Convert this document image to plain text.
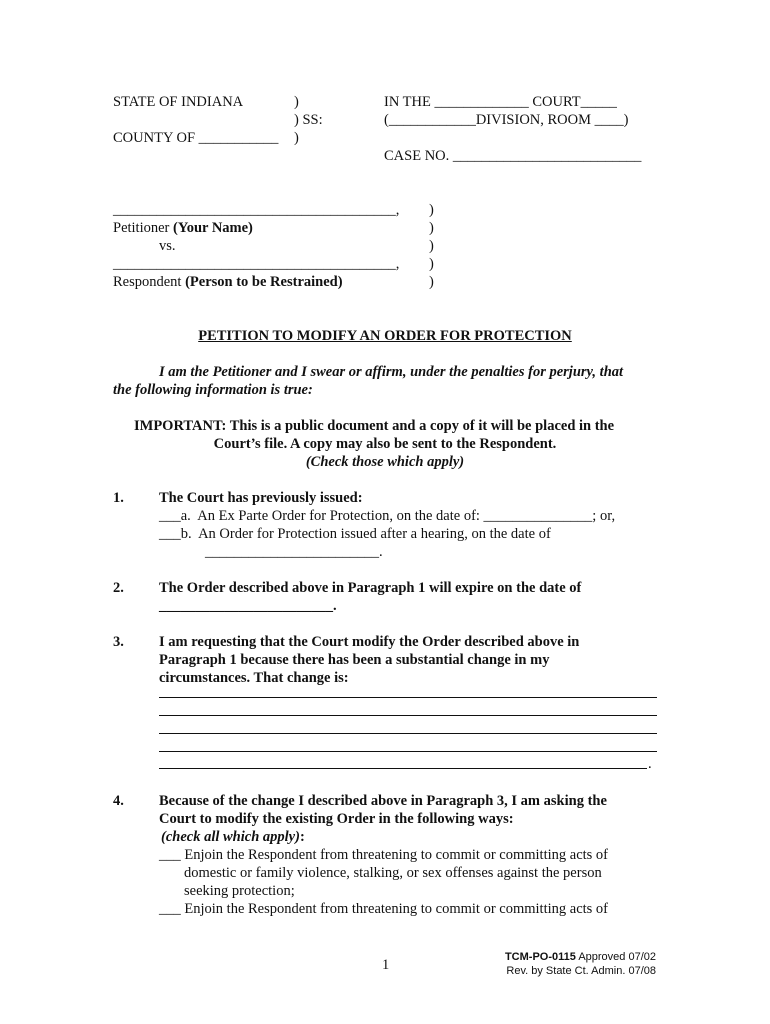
STATE OF INDIANA	)
) SS:
COUNTY OF ___________ )
IN THE _____________ COURT_____
(____________DIVISION, ROOM ____)
CASE NO. __________________________
_______________________________________,
Petitioner (Your Name)
vs.
_______________________________________,
Respondent (Person to be Restrained)
)
)
)
)
)
PETITION TO MODIFY AN ORDER FOR PROTECTION
I am the Petitioner and I swear or affirm, under the penalties for perjury, that
the following information is true:
IMPORTANT: This is a public document and a copy of it will be placed in the
Court’s file. A copy may also be sent to the Respondent.
(Check those which apply)
1. The Court has previously issued:
___a.  An Ex Parte Order for Protection, on the date of: _______________; or,
___b.  An Order for Protection issued after a hearing, on the date of
________________________.
2. The Order described above in Paragraph 1 will expire on the date of
________________________.
3. I am requesting that the Court modify the Order described above in
Paragraph 1 because there has been a substantial change in my
circumstances. That change is:
.
4. Because of the change I described above in Paragraph 3, I am asking the
Court to modify the existing Order in the following ways:
(check all which apply):
___ Enjoin the Respondent from threatening to commit or committing acts of
domestic or family violence, stalking, or sex offenses against the person
seeking protection;
___ Enjoin the Respondent from threatening to commit or committing acts of
1	TCM-PO-0115 Approved 07/02
Rev. by State Ct. Admin. 07/08
